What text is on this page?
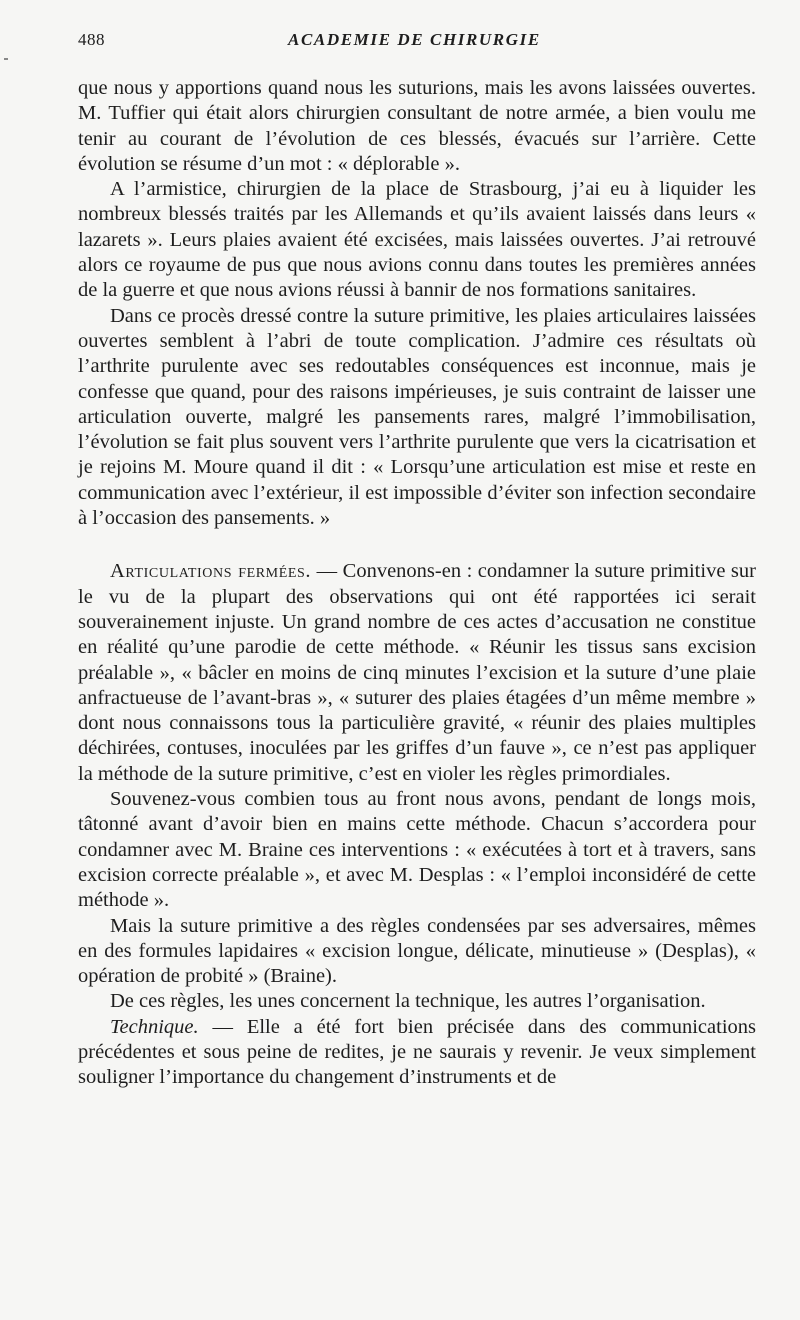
488	ACADEMIE DE CHIRURGIE

que nous y apportions quand nous les suturions, mais les avons laissées ouvertes. M. Tuffier qui était alors chirurgien consultant de notre armée, a bien voulu me tenir au courant de l’évolution de ces blessés, évacués sur l’arrière. Cette évolution se résume d’un mot : « déplorable ».

A l’armistice, chirurgien de la place de Strasbourg, j’ai eu à liquider les nombreux blessés traités par les Allemands et qu’ils avaient laissés dans leurs « lazarets ». Leurs plaies avaient été excisées, mais laissées ouvertes. J’ai retrouvé alors ce royaume de pus que nous avions connu dans toutes les premières années de la guerre et que nous avions réussi à bannir de nos formations sanitaires.

Dans ce procès dressé contre la suture primitive, les plaies articulaires laissées ouvertes semblent à l’abri de toute complication. J’admire ces résultats où l’arthrite purulente avec ses redoutables conséquences est inconnue, mais je confesse que quand, pour des raisons impérieuses, je suis contraint de laisser une articulation ouverte, malgré les pansements rares, malgré l’immobilisation, l’évolution se fait plus souvent vers l’arthrite purulente que vers la cicatrisation et je rejoins M. Moure quand il dit : « Lorsqu’une articulation est mise et reste en communication avec l’extérieur, il est impossible d’éviter son infection secondaire à l’occasion des pansements. »

Articulations fermées. — Convenons-en : condamner la suture primitive sur le vu de la plupart des observations qui ont été rapportées ici serait souverainement injuste. Un grand nombre de ces actes d’accusation ne constitue en réalité qu’une parodie de cette méthode. « Réunir les tissus sans excision préalable », « bâcler en moins de cinq minutes l’excision et la suture d’une plaie anfractueuse de l’avant-bras », « suturer des plaies étagées d’un même membre » dont nous connaissons tous la particulière gravité, « réunir des plaies multiples déchirées, contuses, inoculées par les griffes d’un fauve », ce n’est pas appliquer la méthode de la suture primitive, c’est en violer les règles primordiales.

Souvenez-vous combien tous au front nous avons, pendant de longs mois, tâtonné avant d’avoir bien en mains cette méthode. Chacun s’accordera pour condamner avec M. Braine ces interventions : « exécutées à tort et à travers, sans excision correcte préalable », et avec M. Desplas : « l’emploi inconsidéré de cette méthode ».

Mais la suture primitive a des règles condensées par ses adversaires, mêmes en des formules lapidaires « excision longue, délicate, minutieuse » (Desplas), « opération de probité » (Braine).

De ces règles, les unes concernent la technique, les autres l’organisation.

Technique. — Elle a été fort bien précisée dans des communications précédentes et sous peine de redites, je ne saurais y revenir. Je veux simplement souligner l’importance du changement d’instruments et de
